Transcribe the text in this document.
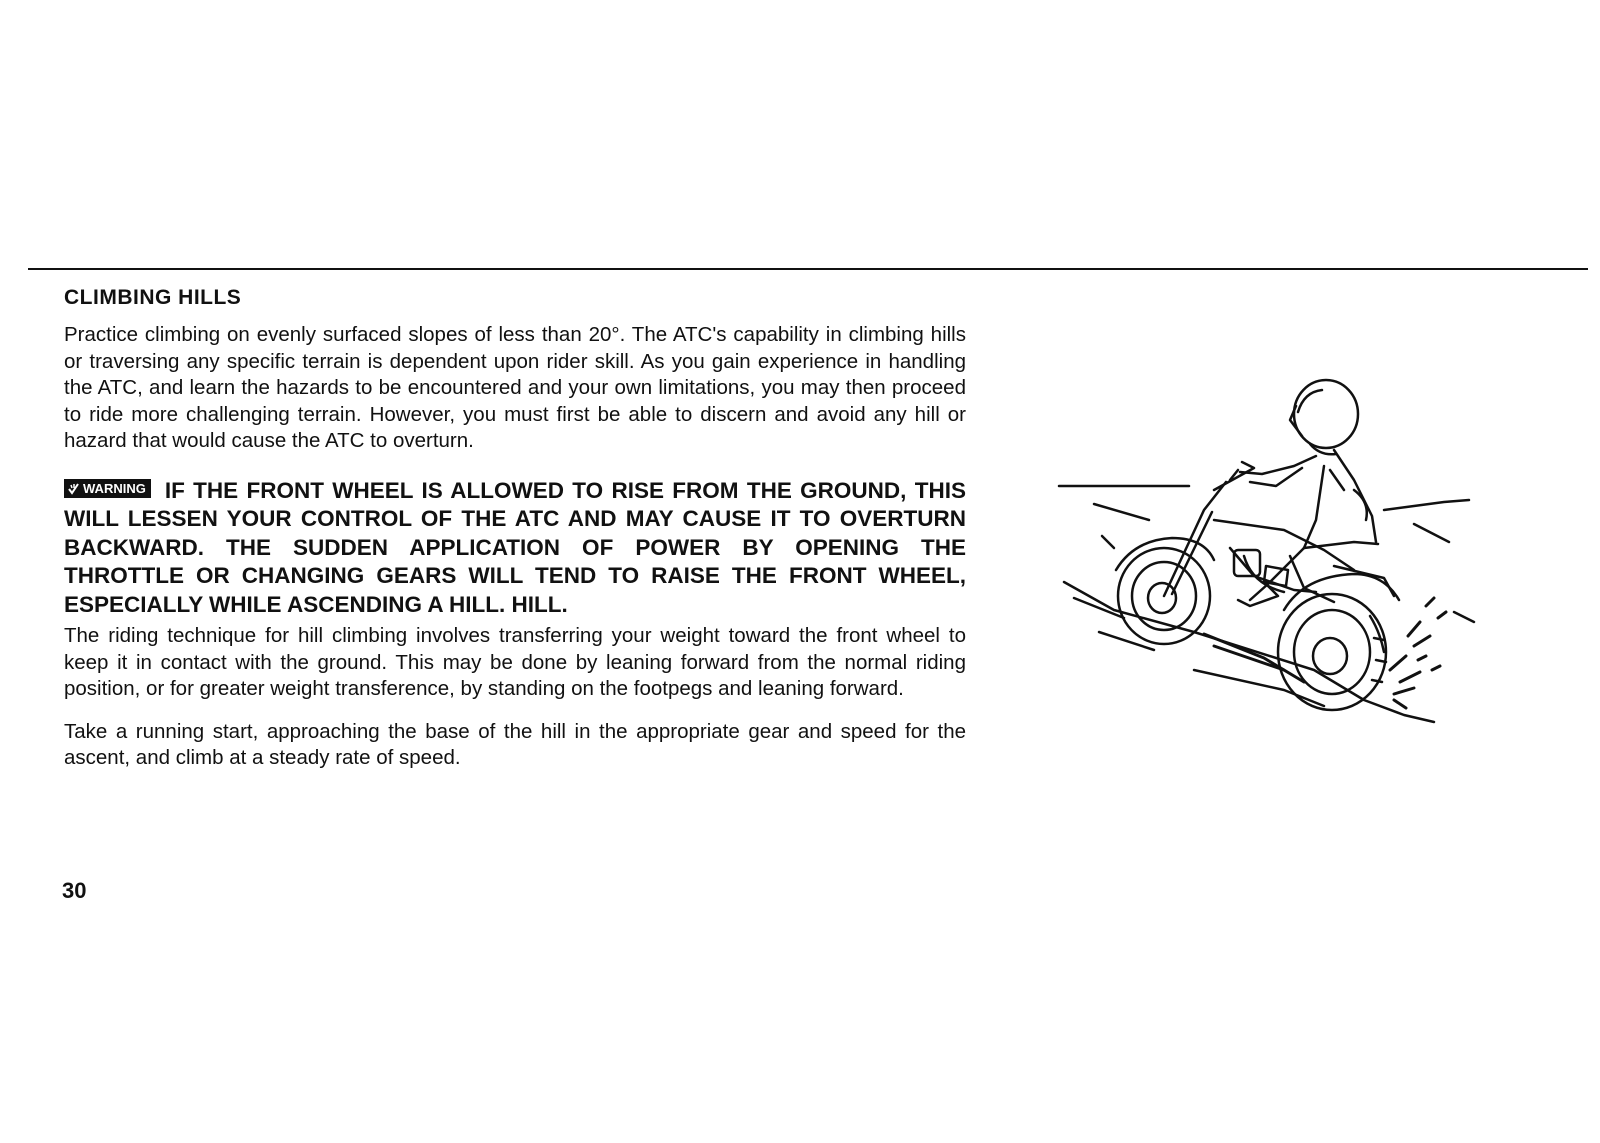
CLIMBING HILLS

Practice climbing on evenly surfaced slopes of less than 20°. The ATC's capability in climbing hills or traversing any specific terrain is dependent upon rider skill. As you gain experience in handling the ATC, and learn the hazards to be encountered and your own limitations, you may then proceed to ride more challenging terrain. However, you must first be able to discern and avoid any hill or hazard that would cause the ATC to overturn.

WARNING IF THE FRONT WHEEL IS ALLOWED TO RISE FROM THE GROUND, THIS WILL LESSEN YOUR CONTROL OF THE ATC AND MAY CAUSE IT TO OVERTURN BACKWARD. THE SUDDEN APPLICATION OF POWER BY OPENING THE THROTTLE OR CHANGING GEARS WILL TEND TO RAISE THE FRONT WHEEL, ESPECIALLY WHILE ASCENDING A HILL. HILL.

The riding technique for hill climbing involves transferring your weight toward the front wheel to keep it in contact with the ground. This may be done by leaning forward from the normal riding position, or for greater weight transference, by standing on the footpegs and leaning forward.

Take a running start, approaching the base of the hill in the appropriate gear and speed for the ascent, and climb at a steady rate of speed.

30
